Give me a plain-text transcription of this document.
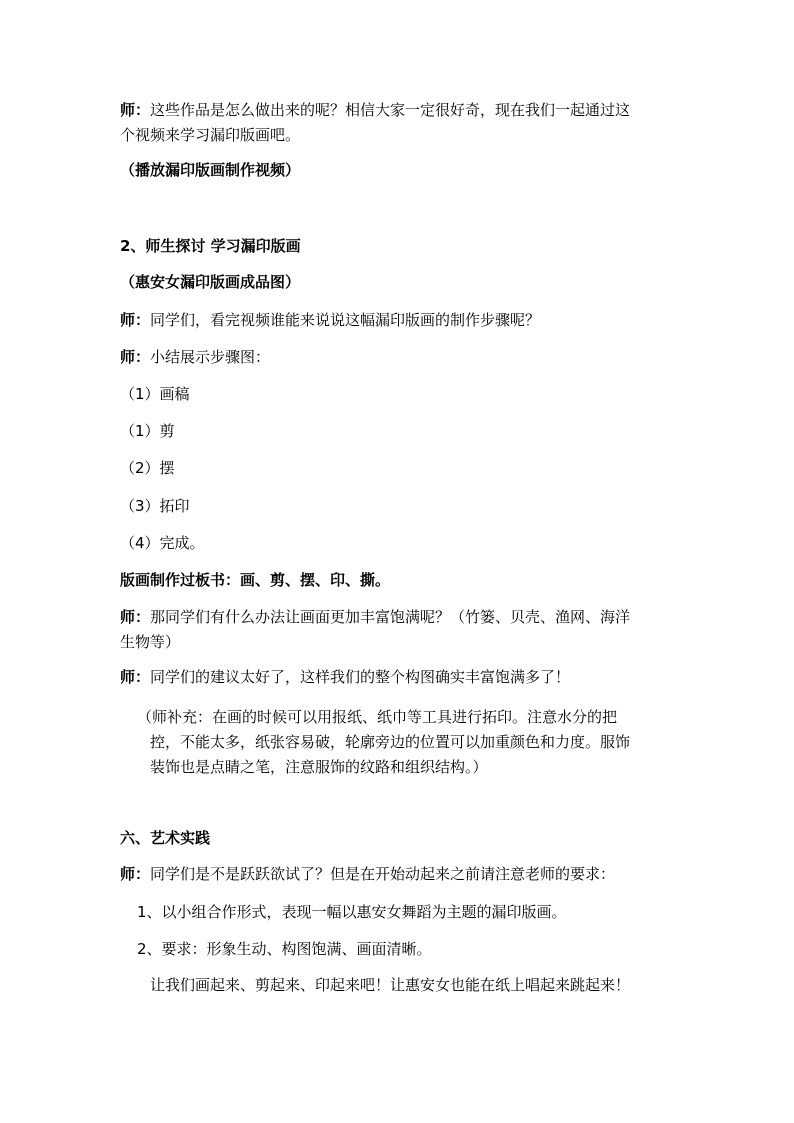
师：这些作品是怎么做出来的呢？相信大家一定很好奇，现在我们一起通过这
个视频来学习漏印版画吧。
（播放漏印版画制作视频）
2、师生探讨 学习漏印版画
（惠安女漏印版画成品图）
师：同学们，看完视频谁能来说说这幅漏印版画的制作步骤呢？
师：小结展示步骤图：
（1）画稿
（1）剪
（2）摆
（3）拓印
（4）完成。
版画制作过板书：画、剪、摆、印、撕。
师：那同学们有什么办法让画面更加丰富饱满呢？（竹篓、贝壳、渔网、海洋
生物等）
师：同学们的建议太好了，这样我们的整个构图确实丰富饱满多了！
（师补充：在画的时候可以用报纸、纸巾等工具进行拓印。注意水分的把
控，不能太多，纸张容易破，轮廓旁边的位置可以加重颜色和力度。服饰
装饰也是点睛之笔，注意服饰的纹路和组织结构。）
六、艺术实践
师：同学们是不是跃跃欲试了？但是在开始动起来之前请注意老师的要求：
1、以小组合作形式，表现一幅以惠安女舞蹈为主题的漏印版画。
2、要求：形象生动、构图饱满、画面清晰。
让我们画起来、剪起来、印起来吧！让惠安女也能在纸上唱起来跳起来！
